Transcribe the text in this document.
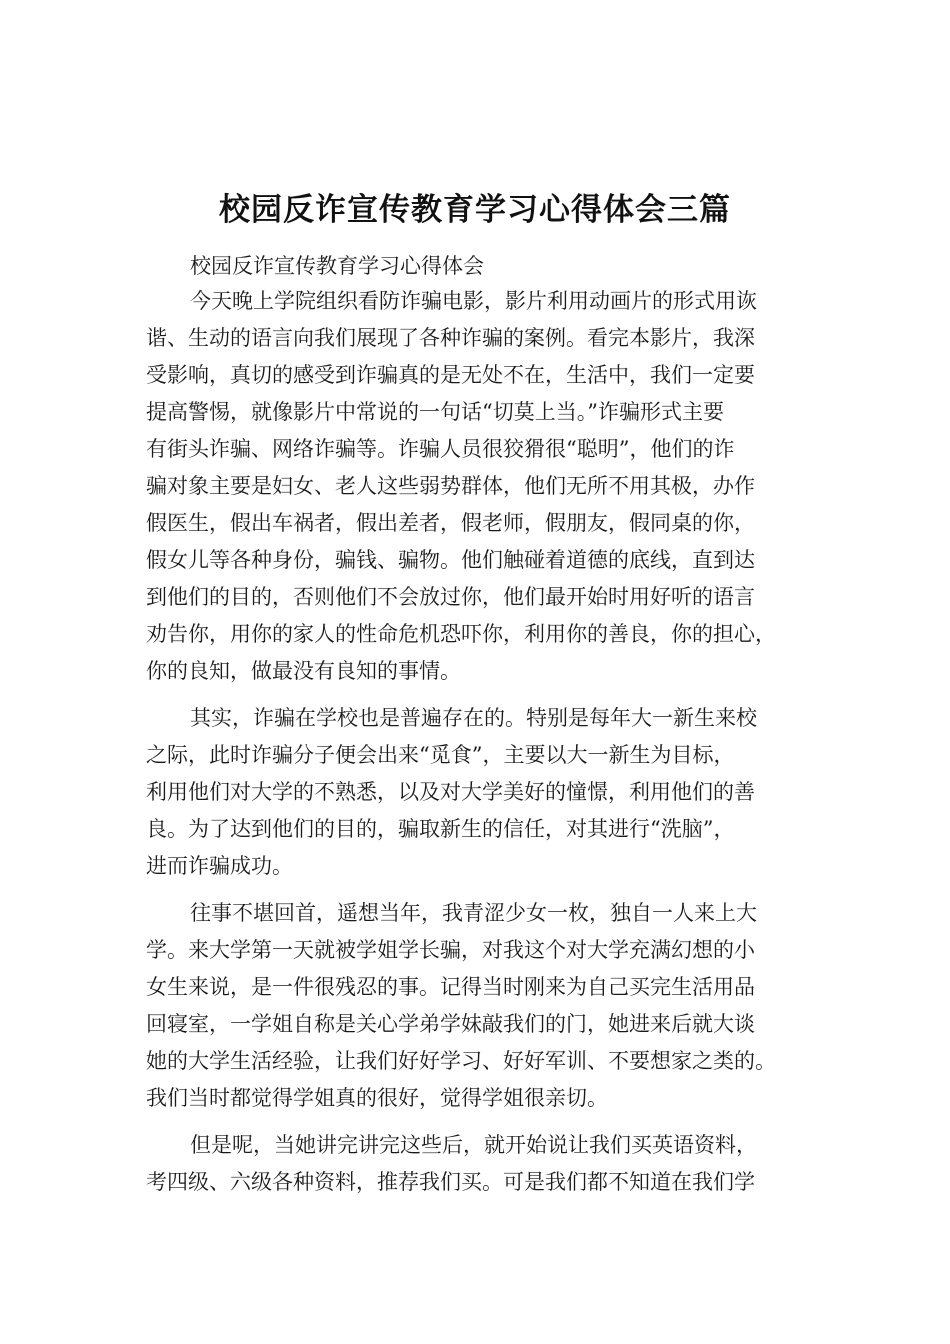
校园反诈宣传教育学习心得体会三篇
校园反诈宣传教育学习心得体会
今天晚上学院组织看防诈骗电影，影片利用动画片的形式用诙
谐、生动的语言向我们展现了各种诈骗的案例。看完本影片，我深
受影响，真切的感受到诈骗真的是无处不在，生活中，我们一定要
提高警惕，就像影片中常说的一句话“切莫上当。”诈骗形式主要
有街头诈骗、网络诈骗等。诈骗人员很狡猾很“聪明”，他们的诈
骗对象主要是妇女、老人这些弱势群体，他们无所不用其极，办作
假医生，假出车祸者，假出差者，假老师，假朋友，假同桌的你，
假女儿等各种身份，骗钱、骗物。他们触碰着道德的底线，直到达
到他们的目的，否则他们不会放过你，他们最开始时用好听的语言
劝告你，用你的家人的性命危机恐吓你，利用你的善良，你的担心，
你的良知，做最没有良知的事情。
其实，诈骗在学校也是普遍存在的。特别是每年大一新生来校
之际，此时诈骗分子便会出来“觅食”，主要以大一新生为目标，
利用他们对大学的不熟悉，以及对大学美好的憧憬，利用他们的善
良。为了达到他们的目的，骗取新生的信任，对其进行“洗脑”，
进而诈骗成功。
往事不堪回首，遥想当年，我青涩少女一枚，独自一人来上大
学。来大学第一天就被学姐学长骗，对我这个对大学充满幻想的小
女生来说，是一件很残忍的事。记得当时刚来为自己买完生活用品
回寝室，一学姐自称是关心学弟学妹敲我们的门，她进来后就大谈
她的大学生活经验，让我们好好学习、好好军训、不要想家之类的。
我们当时都觉得学姐真的很好，觉得学姐很亲切。
但是呢，当她讲完讲完这些后，就开始说让我们买英语资料，
考四级、六级各种资料，推荐我们买。可是我们都不知道在我们学
